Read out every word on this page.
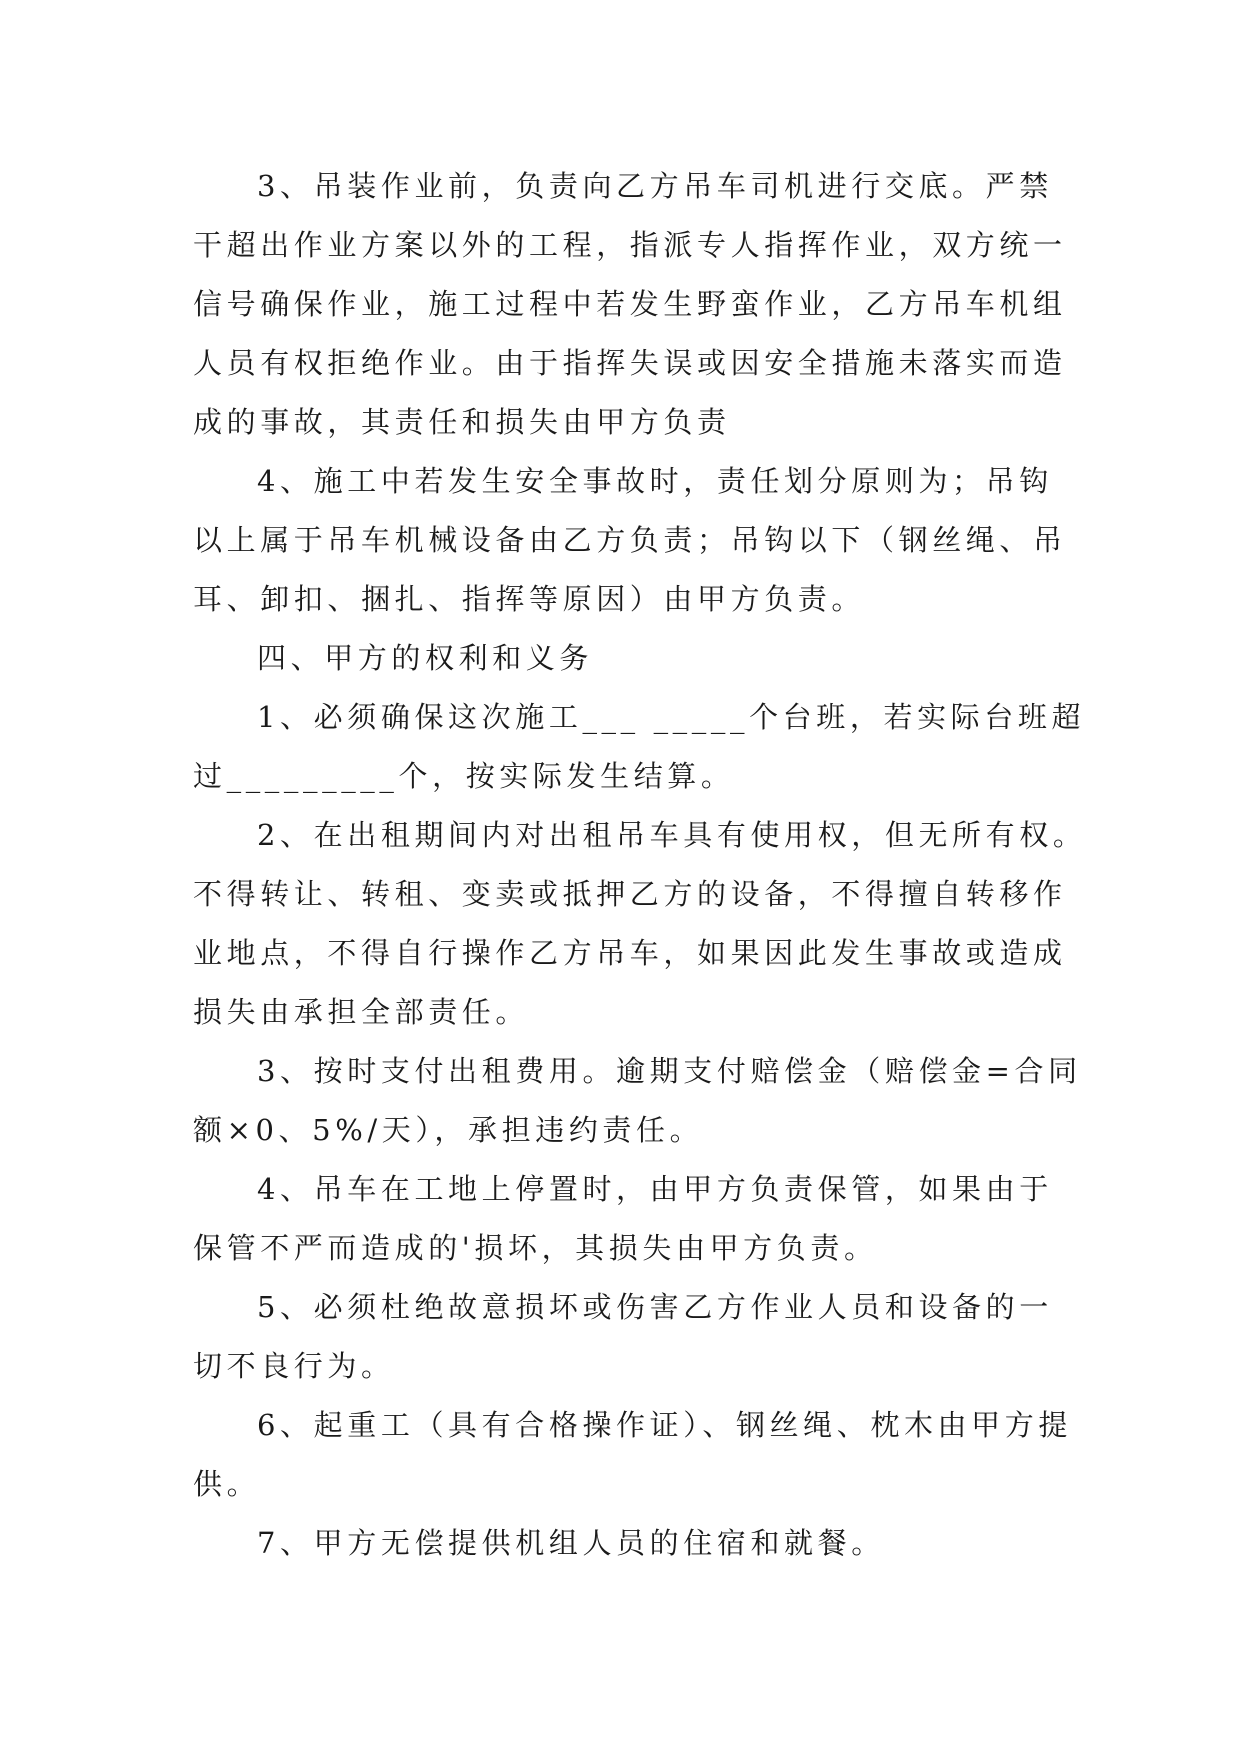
3、吊装作业前，负责向乙方吊车司机进行交底。严禁
干超出作业方案以外的工程，指派专人指挥作业，双方统一
信号确保作业，施工过程中若发生野蛮作业，乙方吊车机组
人员有权拒绝作业。由于指挥失误或因安全措施未落实而造
成的事故，其责任和损失由甲方负责

4、施工中若发生安全事故时，责任划分原则为；吊钩
以上属于吊车机械设备由乙方负责；吊钩以下（钢丝绳、吊
耳、卸扣、捆扎、指挥等原因）由甲方负责。

四、甲方的权利和义务

1、必须确保这次施工___ _____个台班，若实际台班超
过_________个，按实际发生结算。

2、在出租期间内对出租吊车具有使用权，但无所有权。
不得转让、转租、变卖或抵押乙方的设备，不得擅自转移作
业地点，不得自行操作乙方吊车，如果因此发生事故或造成
损失由承担全部责任。

3、按时支付出租费用。逾期支付赔偿金（赔偿金=合同
额×0、5%/天），承担违约责任。

4、吊车在工地上停置时，由甲方负责保管，如果由于
保管不严而造成的'损坏，其损失由甲方负责。

5、必须杜绝故意损坏或伤害乙方作业人员和设备的一
切不良行为。

6、起重工（具有合格操作证）、钢丝绳、枕木由甲方提
供。

7、甲方无偿提供机组人员的住宿和就餐。
